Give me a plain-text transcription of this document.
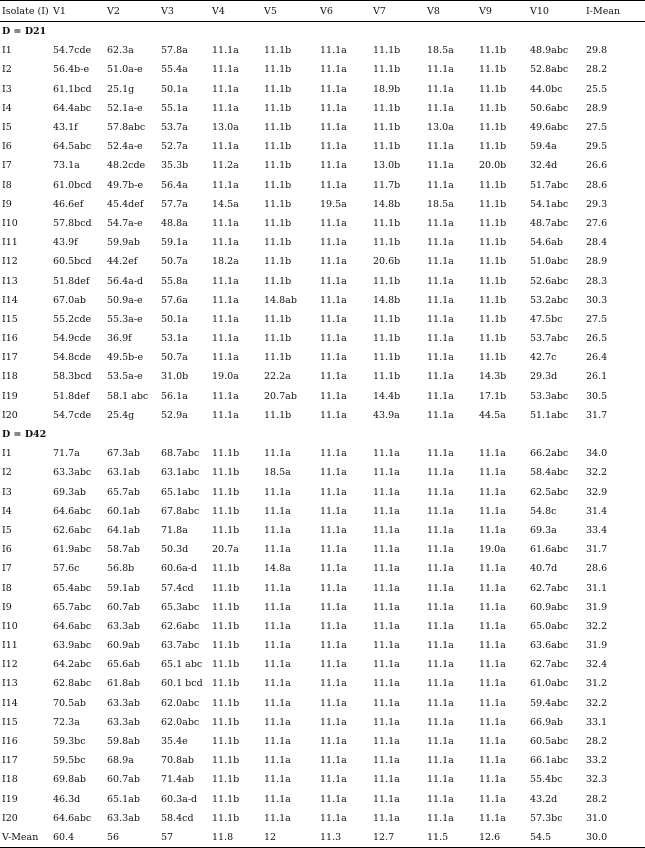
Isolate (I)	V1	V2	V3	V4	V5	V6	V7	V8	V9	V10	I-Mean
D = D21											
I1	54.7cde	62.3a	57.8a	11.1a	11.1b	11.1a	11.1b	18.5a	11.1b	48.9abc	29.8
I2	56.4b-e	51.0a-e	55.4a	11.1a	11.1b	11.1a	11.1b	11.1a	11.1b	52.8abc	28.2
I3	61.1bcd	25.1g	50.1a	11.1a	11.1b	11.1a	18.9b	11.1a	11.1b	44.0bc	25.5
I4	64.4abc	52.1a-e	55.1a	11.1a	11.1b	11.1a	11.1b	11.1a	11.1b	50.6abc	28.9
I5	43.1f	57.8abc	53.7a	13.0a	11.1b	11.1a	11.1b	13.0a	11.1b	49.6abc	27.5
I6	64.5abc	52.4a-e	52.7a	11.1a	11.1b	11.1a	11.1b	11.1a	11.1b	59.4a	29.5
I7	73.1a	48.2cde	35.3b	11.2a	11.1b	11.1a	13.0b	11.1a	20.0b	32.4d	26.6
I8	61.0bcd	49.7b-e	56.4a	11.1a	11.1b	11.1a	11.7b	11.1a	11.1b	51.7abc	28.6
I9	46.6ef	45.4def	57.7a	14.5a	11.1b	19.5a	14.8b	18.5a	11.1b	54.1abc	29.3
I10	57.8bcd	54.7a-e	48.8a	11.1a	11.1b	11.1a	11.1b	11.1a	11.1b	48.7abc	27.6
I11	43.9f	59.9ab	59.1a	11.1a	11.1b	11.1a	11.1b	11.1a	11.1b	54.6ab	28.4
I12	60.5bcd	44.2ef	50.7a	18.2a	11.1b	11.1a	20.6b	11.1a	11.1b	51.0abc	28.9
I13	51.8def	56.4a-d	55.8a	11.1a	11.1b	11.1a	11.1b	11.1a	11.1b	52.6abc	28.3
I14	67.0ab	50.9a-e	57.6a	11.1a	14.8ab	11.1a	14.8b	11.1a	11.1b	53.2abc	30.3
I15	55.2cde	55.3a-e	50.1a	11.1a	11.1b	11.1a	11.1b	11.1a	11.1b	47.5bc	27.5
I16	54.9cde	36.9f	53.1a	11.1a	11.1b	11.1a	11.1b	11.1a	11.1b	53.7abc	26.5
I17	54.8cde	49.5b-e	50.7a	11.1a	11.1b	11.1a	11.1b	11.1a	11.1b	42.7c	26.4
I18	58.3bcd	53.5a-e	31.0b	19.0a	22.2a	11.1a	11.1b	11.1a	14.3b	29.3d	26.1
I19	51.8def	58.1 abc	56.1a	11.1a	20.7ab	11.1a	14.4b	11.1a	17.1b	53.3abc	30.5
I20	54.7cde	25.4g	52.9a	11.1a	11.1b	11.1a	43.9a	11.1a	44.5a	51.1abc	31.7
D = D42											
I1	71.7a	67.3ab	68.7abc	11.1b	11.1a	11.1a	11.1a	11.1a	11.1a	66.2abc	34.0
I2	63.3abc	63.1ab	63.1abc	11.1b	18.5a	11.1a	11.1a	11.1a	11.1a	58.4abc	32.2
I3	69.3ab	65.7ab	65.1abc	11.1b	11.1a	11.1a	11.1a	11.1a	11.1a	62.5abc	32.9
I4	64.6abc	60.1ab	67.8abc	11.1b	11.1a	11.1a	11.1a	11.1a	11.1a	54.8c	31.4
I5	62.6abc	64.1ab	71.8a	11.1b	11.1a	11.1a	11.1a	11.1a	11.1a	69.3a	33.4
I6	61.9abc	58.7ab	50.3d	20.7a	11.1a	11.1a	11.1a	11.1a	19.0a	61.6abc	31.7
I7	57.6c	56.8b	60.6a-d	11.1b	14.8a	11.1a	11.1a	11.1a	11.1a	40.7d	28.6
I8	65.4abc	59.1ab	57.4cd	11.1b	11.1a	11.1a	11.1a	11.1a	11.1a	62.7abc	31.1
I9	65.7abc	60.7ab	65.3abc	11.1b	11.1a	11.1a	11.1a	11.1a	11.1a	60.9abc	31.9
I10	64.6abc	63.3ab	62.6abc	11.1b	11.1a	11.1a	11.1a	11.1a	11.1a	65.0abc	32.2
I11	63.9abc	60.9ab	63.7abc	11.1b	11.1a	11.1a	11.1a	11.1a	11.1a	63.6abc	31.9
I12	64.2abc	65.6ab	65.1 abc	11.1b	11.1a	11.1a	11.1a	11.1a	11.1a	62.7abc	32.4
I13	62.8abc	61.8ab	60.1 bcd	11.1b	11.1a	11.1a	11.1a	11.1a	11.1a	61.0abc	31.2
I14	70.5ab	63.3ab	62.0abc	11.1b	11.1a	11.1a	11.1a	11.1a	11.1a	59.4abc	32.2
I15	72.3a	63.3ab	62.0abc	11.1b	11.1a	11.1a	11.1a	11.1a	11.1a	66.9ab	33.1
I16	59.3bc	59.8ab	35.4e	11.1b	11.1a	11.1a	11.1a	11.1a	11.1a	60.5abc	28.2
I17	59.5bc	68.9a	70.8ab	11.1b	11.1a	11.1a	11.1a	11.1a	11.1a	66.1abc	33.2
I18	69.8ab	60.7ab	71.4ab	11.1b	11.1a	11.1a	11.1a	11.1a	11.1a	55.4bc	32.3
I19	46.3d	65.1ab	60.3a-d	11.1b	11.1a	11.1a	11.1a	11.1a	11.1a	43.2d	28.2
I20	64.6abc	63.3ab	58.4cd	11.1b	11.1a	11.1a	11.1a	11.1a	11.1a	57.3bc	31.0
V-Mean	60.4	56	57	11.8	12	11.3	12.7	11.5	12.6	54.5	30.0
